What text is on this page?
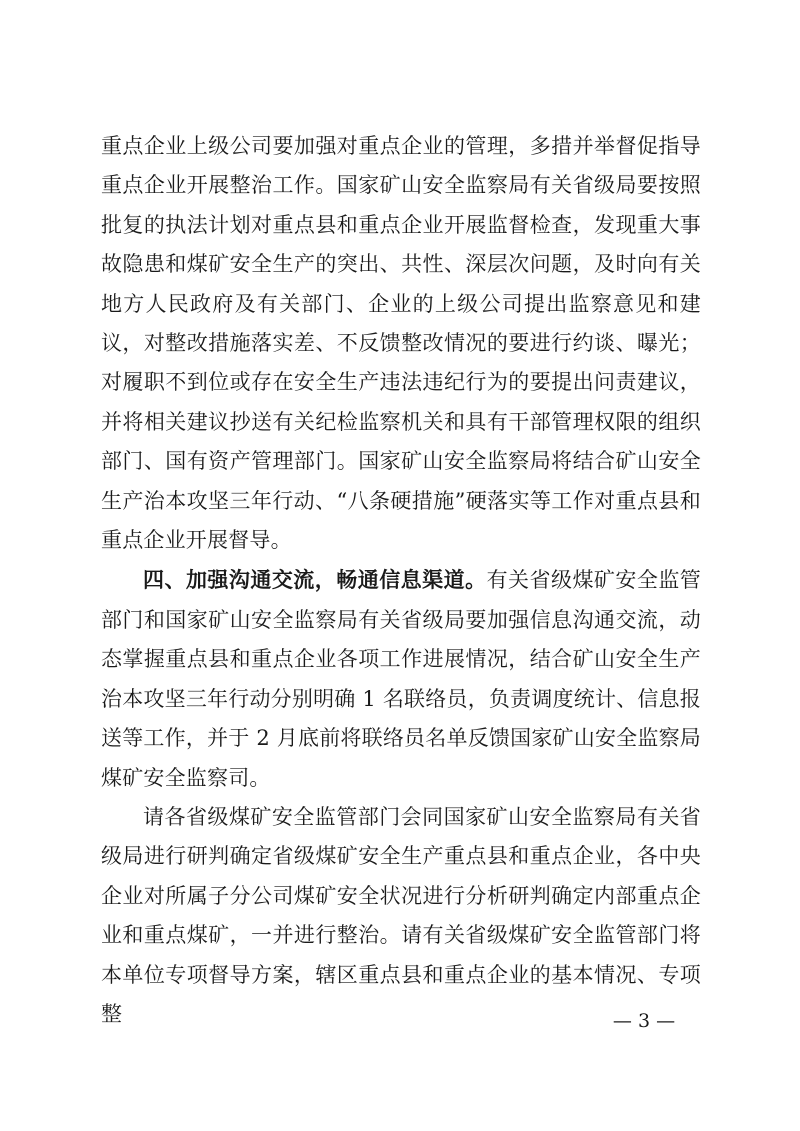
重点企业上级公司要加强对重点企业的管理，多措并举督促指导重点企业开展整治工作。国家矿山安全监察局有关省级局要按照批复的执法计划对重点县和重点企业开展监督检查，发现重大事故隐患和煤矿安全生产的突出、共性、深层次问题，及时向有关地方人民政府及有关部门、企业的上级公司提出监察意见和建议，对整改措施落实差、不反馈整改情况的要进行约谈、曝光；对履职不到位或存在安全生产违法违纪行为的要提出问责建议，并将相关建议抄送有关纪检监察机关和具有干部管理权限的组织部门、国有资产管理部门。国家矿山安全监察局将结合矿山安全生产治本攻坚三年行动、“八条硬措施”硬落实等工作对重点县和重点企业开展督导。

四、加强沟通交流，畅通信息渠道。有关省级煤矿安全监管部门和国家矿山安全监察局有关省级局要加强信息沟通交流，动态掌握重点县和重点企业各项工作进展情况，结合矿山安全生产治本攻坚三年行动分别明确 1 名联络员，负责调度统计、信息报送等工作，并于 2 月底前将联络员名单反馈国家矿山安全监察局煤矿安全监察司。

请各省级煤矿安全监管部门会同国家矿山安全监察局有关省级局进行研判确定省级煤矿安全生产重点县和重点企业，各中央企业对所属子分公司煤矿安全状况进行分析研判确定内部重点企业和重点煤矿，一并进行整治。请有关省级煤矿安全监管部门将本单位专项督导方案，辖区重点县和重点企业的基本情况、专项整	— 3 —
